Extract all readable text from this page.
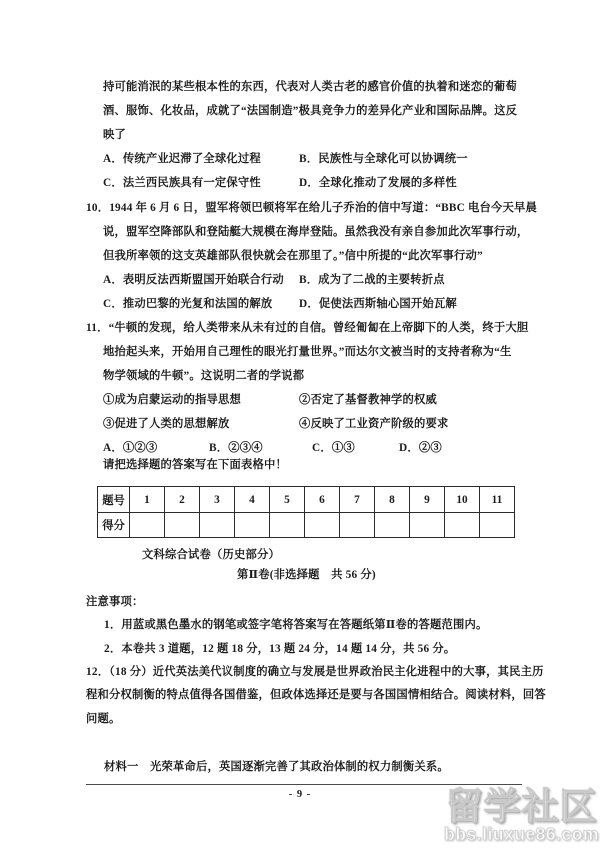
持可能消泯的某些根本性的东西，代表对人类古老的感官价值的执着和迷恋的葡萄
酒、服饰、化妆品，成就了“法国制造”极具竞争力的差异化产业和国际品牌。这反
映了
A．传统产业迟滞了全球化过程	B．民族性与全球化可以协调统一
C．法兰西民族具有一定保守性	D．全球化推动了发展的多样性
10．1944 年 6 月 6 日，盟军将领巴顿将军在给儿子乔治的信中写道：“BBC 电台今天早晨
说，盟军空降部队和登陆艇大规模在海岸登陆。虽然我没有亲自参加此次军事行动，
但我所率领的这支英雄部队很快就会在那里了。”信中所提的“此次军事行动”
A．表明反法西斯盟国开始联合行动 B．成为了二战的主要转折点
C．推动巴黎的光复和法国的解放 D．促使法西斯轴心国开始瓦解
11．“牛顿的发现，给人类带来从未有过的自信。曾经匍匐在上帝脚下的人类，终于大胆
地抬起头来，开始用自己理性的眼光打量世界。”而达尔文被当时的支持者称为“生
物学领域的牛顿”。这说明二者的学说都
①成为启蒙运动的指导思想	②否定了基督教神学的权威
③促进了人类的思想解放	④反映了工业资产阶级的要求
A．①②③	B．②③④	C．①③	D．②③
请把选择题的答案写在下面表格中！
题号	1	2	3	4	5	6	7	8	9	10	11
得分											
文科综合试卷（历史部分）
第Ⅱ卷(非选择题　共 56 分)
注意事项：
1．用蓝或黑色墨水的钢笔或签字笔将答案写在答题纸第Ⅱ卷的答题范围内。
2．本卷共 3 道题，12 题 18 分，13 题 24 分，14 题 14 分，共 56 分。
12．（18 分）近代英法美代议制度的确立与发展是世界政治民主化进程中的大事，其民主历
程和分权制衡的特点值得各国借鉴，但政体选择还是要与各国国情相结合。阅读材料，回答
问题。
材料一　光荣革命后，英国逐渐完善了其政治体制的权力制衡关系。
- 9 -	留学社区
bbs.liuxue86.com
